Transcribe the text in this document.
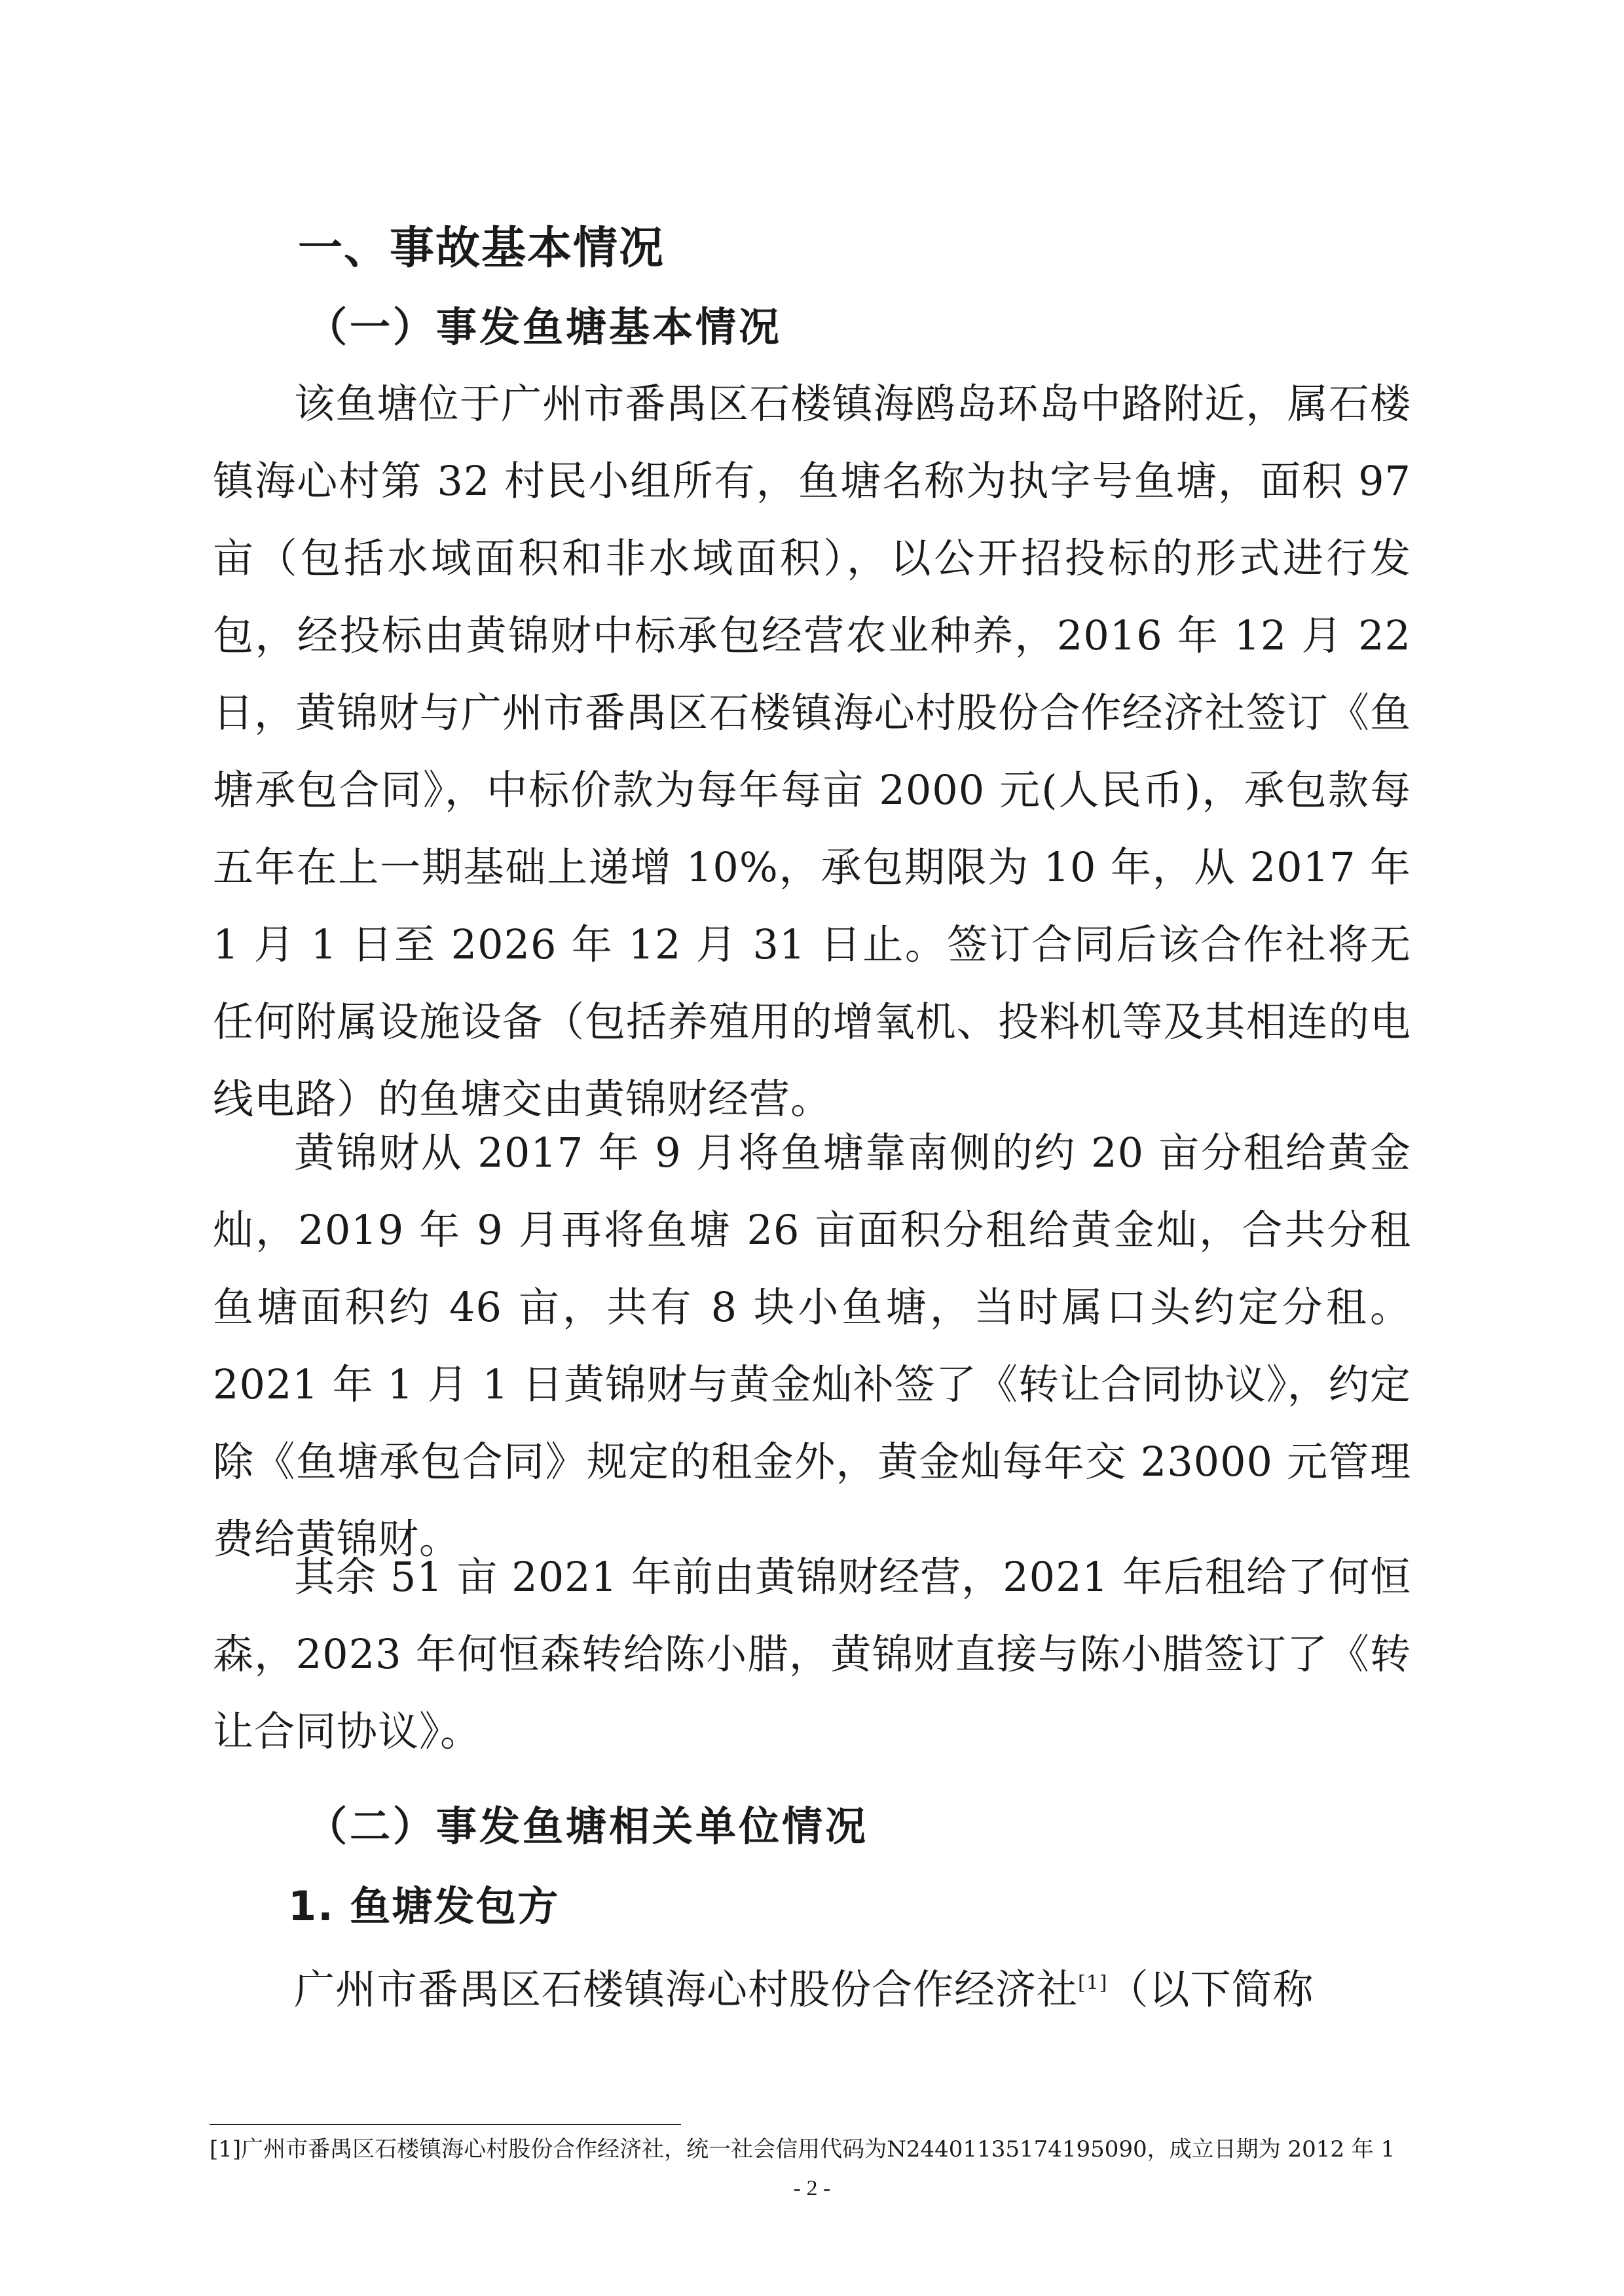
一、事故基本情况
（一）事发鱼塘基本情况

该鱼塘位于广州市番禺区石楼镇海鸥岛环岛中路附近，属石楼镇海心村第 32 村民小组所有，鱼塘名称为执字号鱼塘，面积 97 亩（包括水域面积和非水域面积），以公开招投标的形式进行发包，经投标由黄锦财中标承包经营农业种养，2016 年 12 月 22 日，黄锦财与广州市番禺区石楼镇海心村股份合作经济社签订《鱼塘承包合同》，中标价款为每年每亩 2000 元(人民币)，承包款每五年在上一期基础上递增 10%，承包期限为 10 年，从 2017 年 1 月 1 日至 2026 年 12 月 31 日止。签订合同后该合作社将无任何附属设施设备（包括养殖用的增氧机、投料机等及其相连的电线电路）的鱼塘交由黄锦财经营。

黄锦财从 2017 年 9 月将鱼塘靠南侧的约 20 亩分租给黄金灿，2019 年 9 月再将鱼塘 26 亩面积分租给黄金灿，合共分租鱼塘面积约 46 亩，共有 8 块小鱼塘，当时属口头约定分租。2021 年 1 月 1 日黄锦财与黄金灿补签了《转让合同协议》，约定除《鱼塘承包合同》规定的租金外，黄金灿每年交 23000 元管理费给黄锦财。

其余 51 亩 2021 年前由黄锦财经营，2021 年后租给了何恒森，2023 年何恒森转给陈小腊，黄锦财直接与陈小腊签订了《转让合同协议》。

（二）事发鱼塘相关单位情况
1. 鱼塘发包方

广州市番禺区石楼镇海心村股份合作经济社[1]（以下简称

[1]广州市番禺区石楼镇海心村股份合作经济社，统一社会信用代码为N24401135174195090，成立日期为 2012 年 1
- 2 -
